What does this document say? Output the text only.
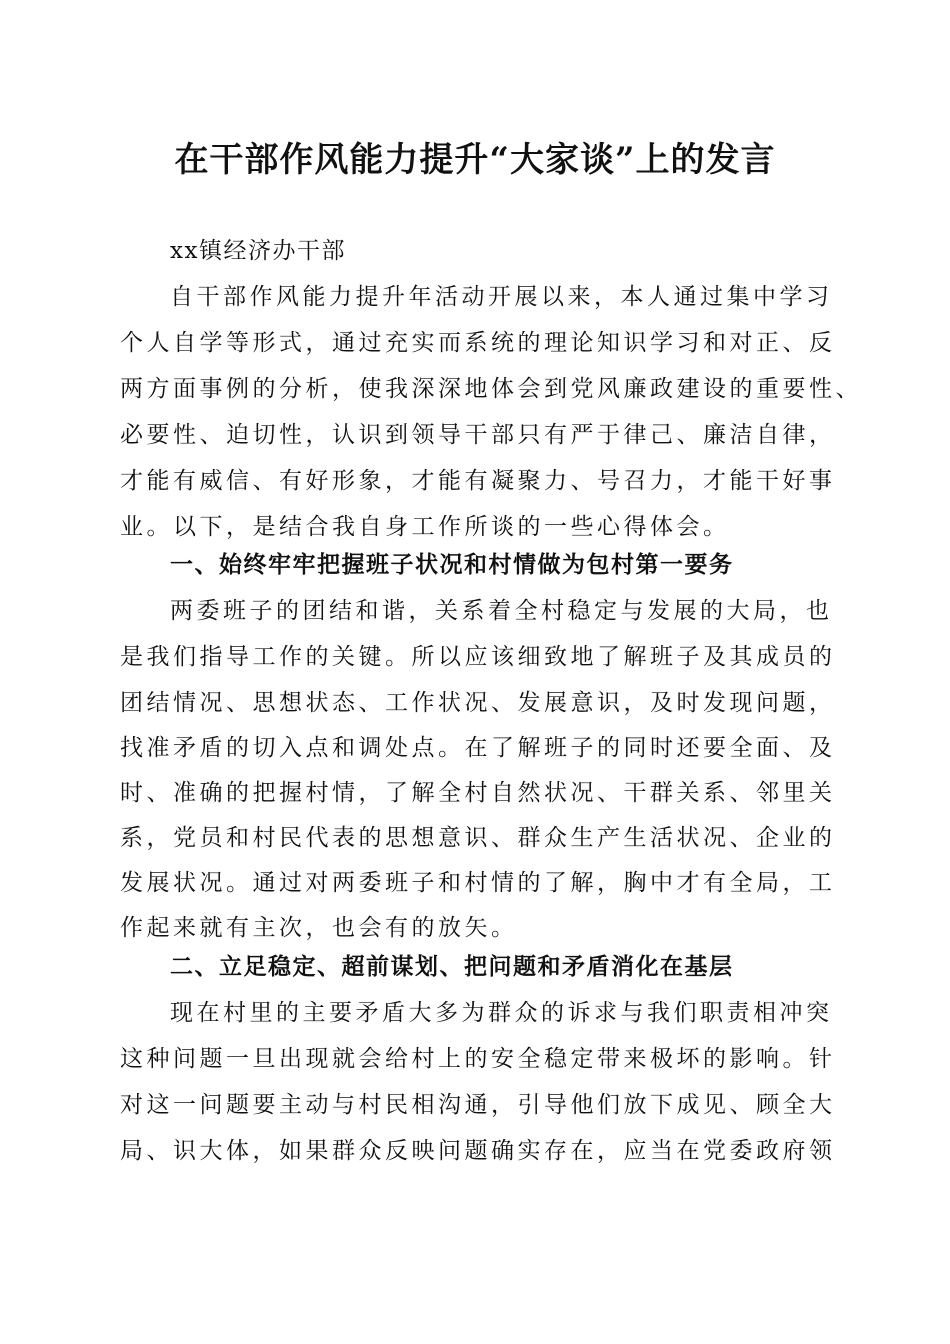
在干部作风能力提升“大家谈”上的发言
xx镇经济办干部
自干部作风能力提升年活动开展以来，本人通过集中学习
个人自学等形式，通过充实而系统的理论知识学习和对正、反
两方面事例的分析，使我深深地体会到党风廉政建设的重要性、
必要性、迫切性，认识到领导干部只有严于律己、廉洁自律，
才能有威信、有好形象，才能有凝聚力、号召力，才能干好事
业。以下，是结合我自身工作所谈的一些心得体会。
一、始终牢牢把握班子状况和村情做为包村第一要务
两委班子的团结和谐，关系着全村稳定与发展的大局，也
是我们指导工作的关键。所以应该细致地了解班子及其成员的
团结情况、思想状态、工作状况、发展意识，及时发现问题，
找准矛盾的切入点和调处点。在了解班子的同时还要全面、及
时、准确的把握村情，了解全村自然状况、干群关系、邻里关
系，党员和村民代表的思想意识、群众生产生活状况、企业的
发展状况。通过对两委班子和村情的了解，胸中才有全局，工
作起来就有主次，也会有的放矢。
二、立足稳定、超前谋划、把问题和矛盾消化在基层
现在村里的主要矛盾大多为群众的诉求与我们职责相冲突
这种问题一旦出现就会给村上的安全稳定带来极坏的影响。针
对这一问题要主动与村民相沟通，引导他们放下成见、顾全大
局、识大体，如果群众反映问题确实存在，应当在党委政府领
